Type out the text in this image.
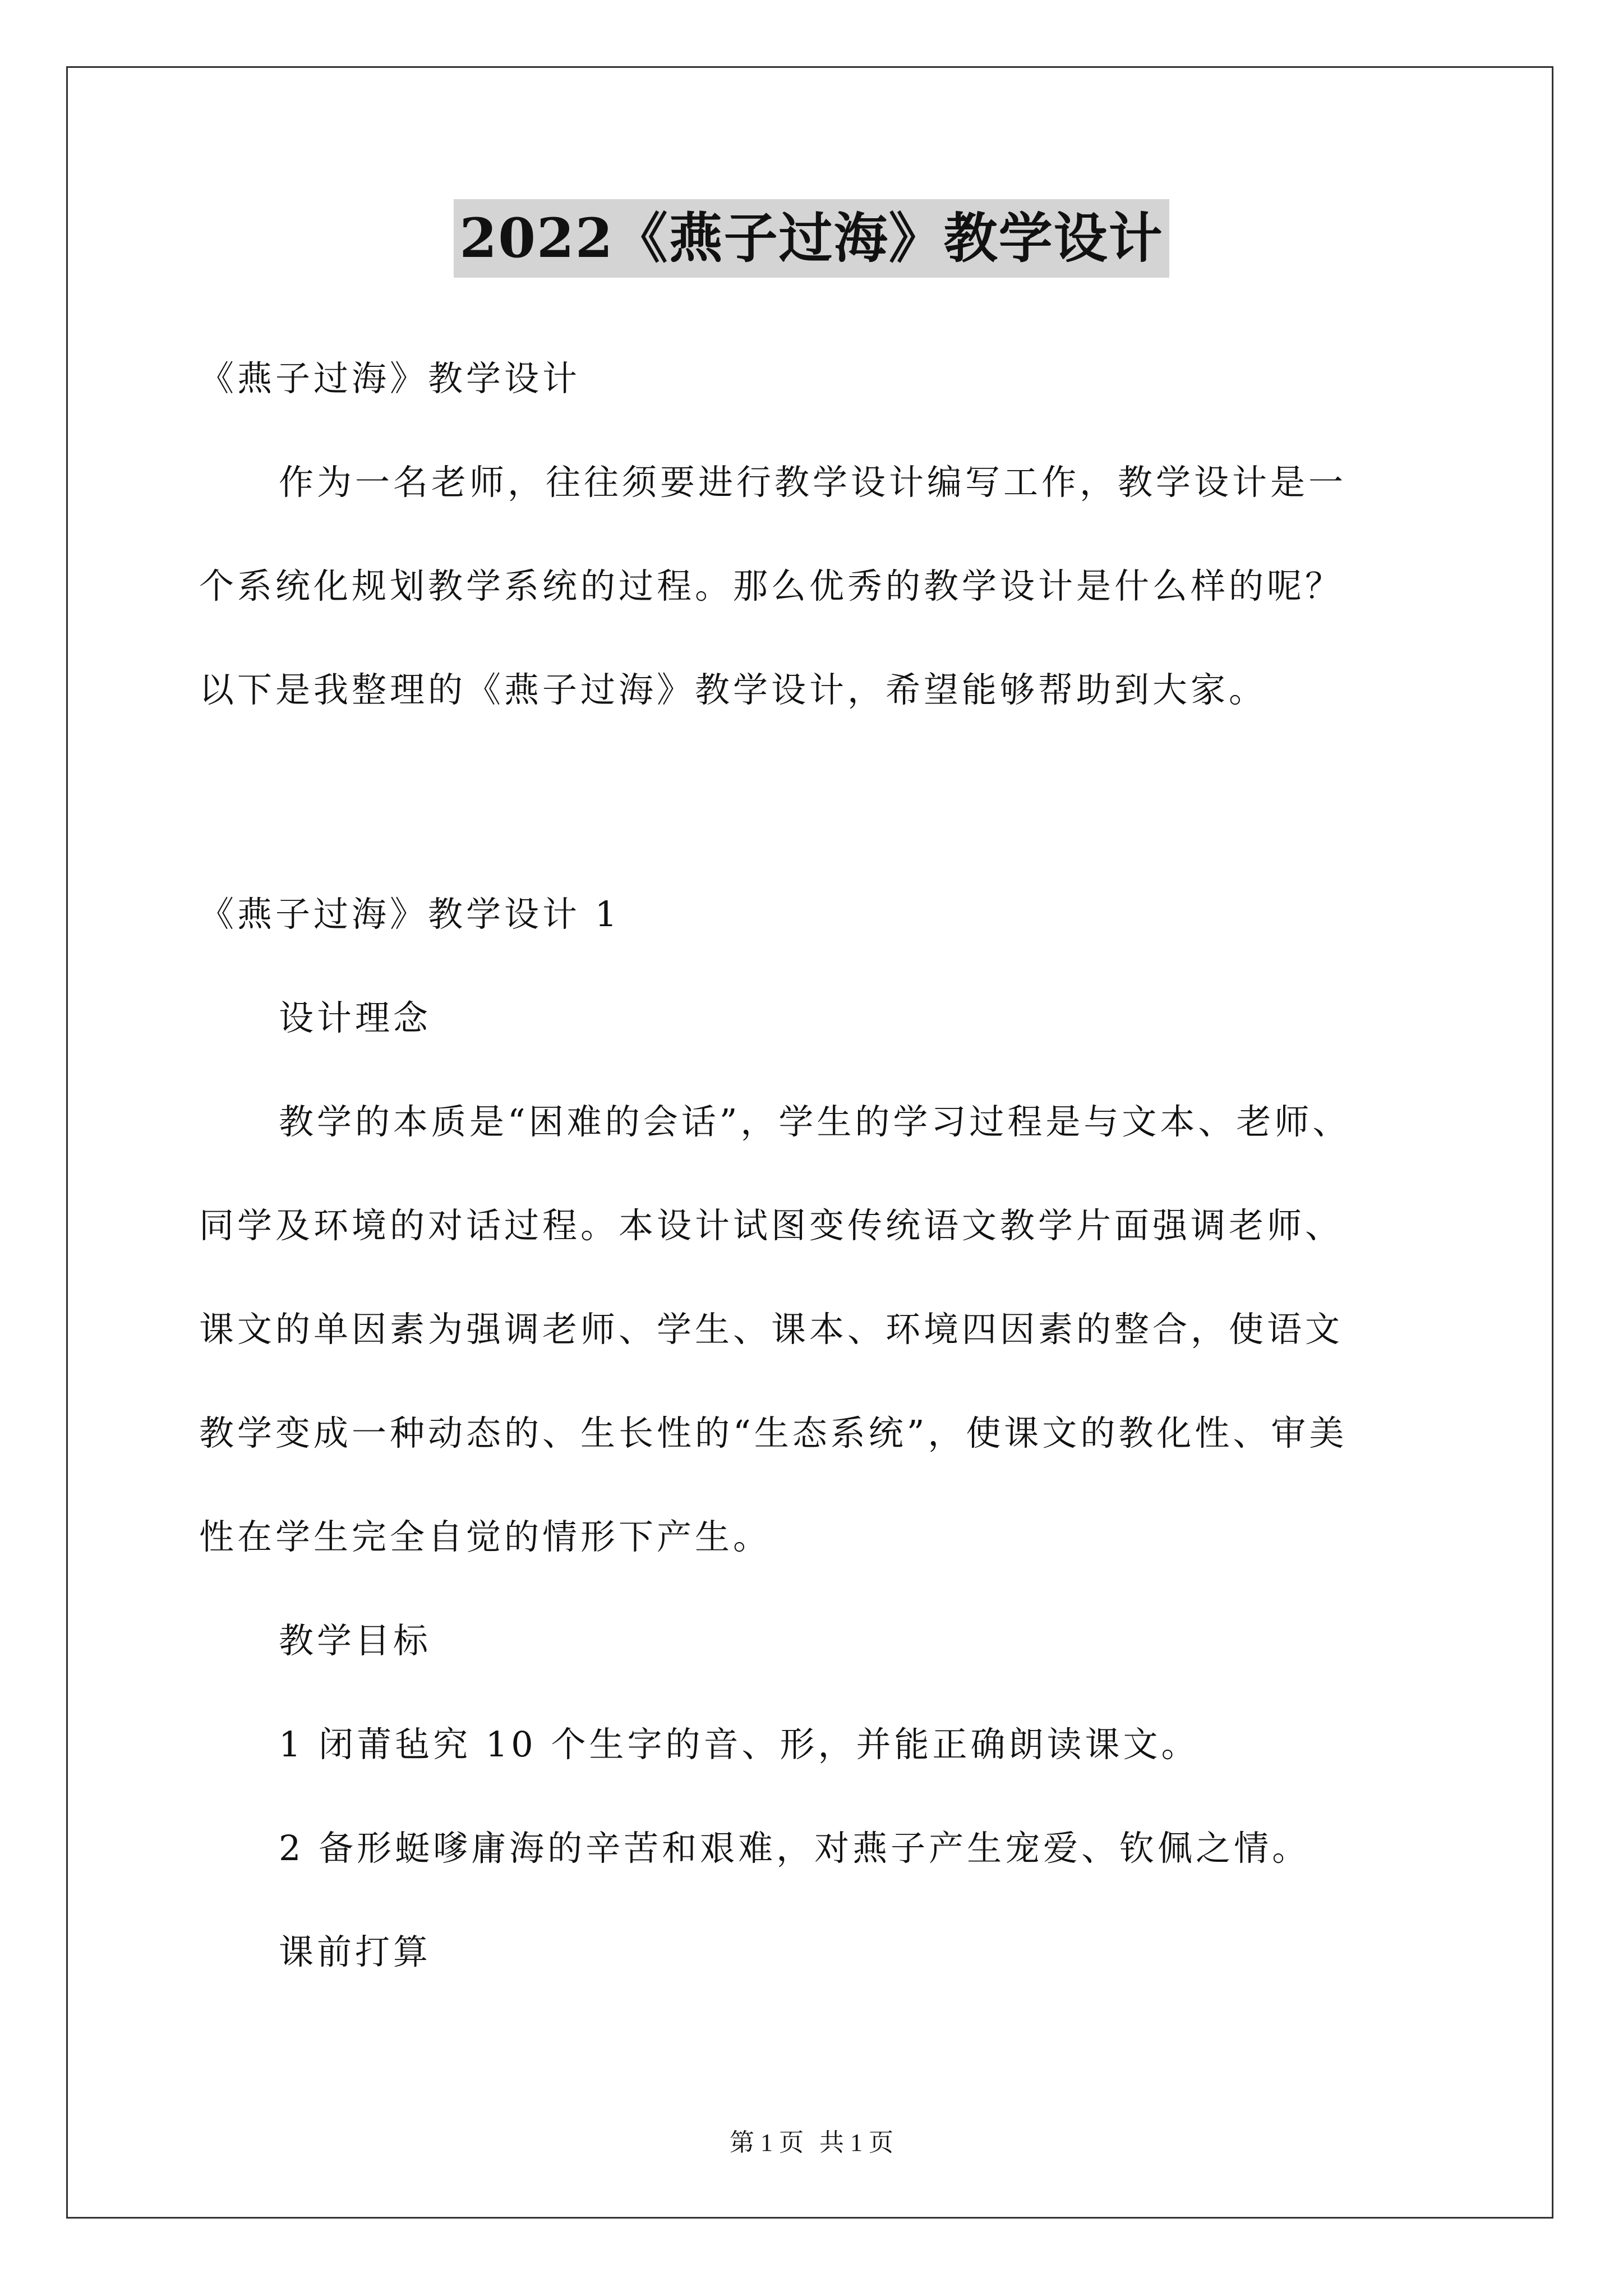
2022《燕子过海》教学设计
《燕子过海》教学设计
作为一名老师，往往须要进行教学设计编写工作，教学设计是一
个系统化规划教学系统的过程。那么优秀的教学设计是什么样的呢？
以下是我整理的《燕子过海》教学设计，希望能够帮助到大家。
《燕子过海》教学设计 1
设计理念
教学的本质是“困难的会话”，学生的学习过程是与文本、老师、
同学及环境的对话过程。本设计试图变传统语文教学片面强调老师、
课文的单因素为强调老师、学生、课本、环境四因素的整合，使语文
教学变成一种动态的、生长性的“生态系统”，使课文的教化性、审美
性在学生完全自觉的情形下产生。
教学目标
1 闭莆毡究 10 个生字的音、形，并能正确朗读课文。
2 备形蜓嗲庸海的辛苦和艰难，对燕子产生宠爱、钦佩之情。
课前打算
第 1 页 共 1 页
